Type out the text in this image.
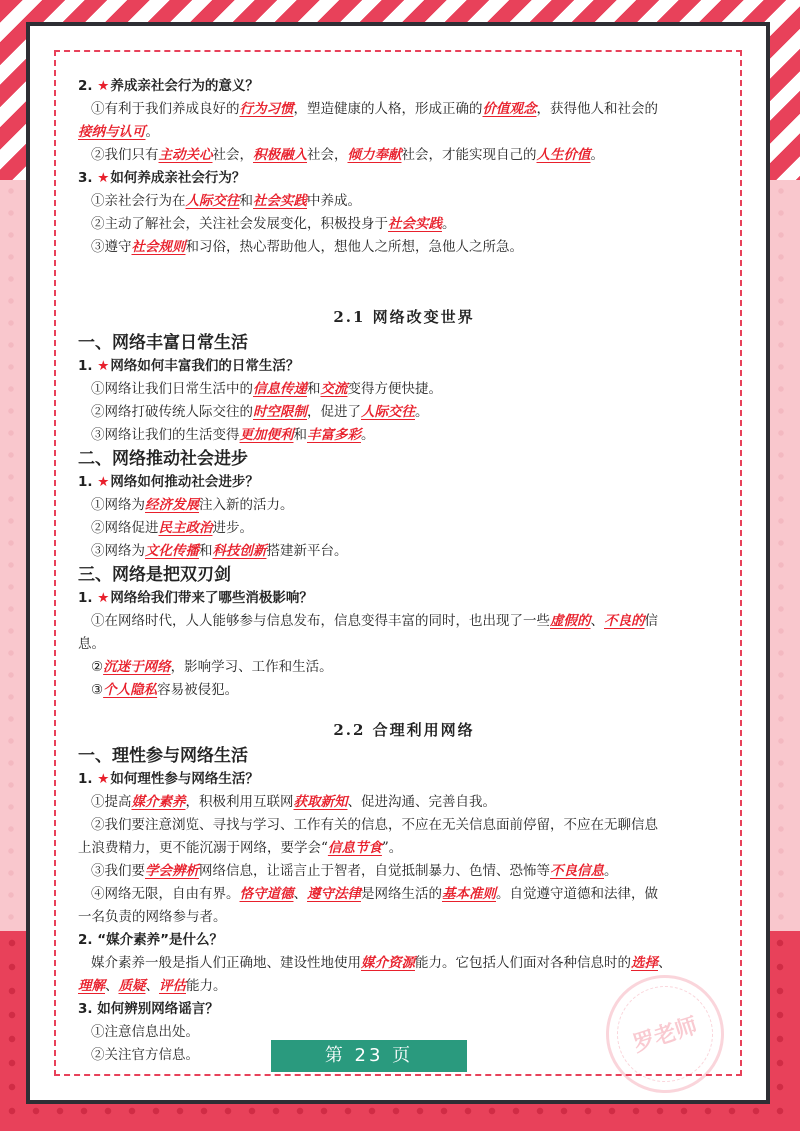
2. ★养成亲社会行为的意义？
①有利于我们养成良好的行为习惯，塑造健康的人格，形成正确的价值观念，获得他人和社会的
接纳与认可。
②我们只有主动关心社会，积极融入社会，倾力奉献社会，才能实现自己的人生价值。
3. ★如何养成亲社会行为？
①亲社会行为在人际交往和社会实践中养成。
②主动了解社会，关注社会发展变化，积极投身于社会实践。
③遵守社会规则和习俗，热心帮助他人，想他人之所想，急他人之所急。
2.1 网络改变世界
一、网络丰富日常生活
1. ★网络如何丰富我们的日常生活？
①网络让我们日常生活中的信息传递和交流变得方便快捷。
②网络打破传统人际交往的时空限制，促进了人际交往。
③网络让我们的生活变得更加便利和丰富多彩。
二、网络推动社会进步
1. ★网络如何推动社会进步？
①网络为经济发展注入新的活力。
②网络促进民主政治进步。
③网络为文化传播和科技创新搭建新平台。
三、网络是把双刃剑
1. ★网络给我们带来了哪些消极影响？
①在网络时代，人人能够参与信息发布，信息变得丰富的同时，也出现了一些虚假的、不良的信
息。
②沉迷于网络，影响学习、工作和生活。
③个人隐私容易被侵犯。
2.2 合理利用网络
一、理性参与网络生活
1. ★如何理性参与网络生活？
①提高媒介素养，积极利用互联网获取新知、促进沟通、完善自我。
②我们要注意浏览、寻找与学习、工作有关的信息，不应在无关信息面前停留，不应在无聊信息
上浪费精力，更不能沉溺于网络，要学会“信息节食”。
③我们要学会辨析网络信息，让谣言止于智者，自觉抵制暴力、色情、恐怖等不良信息。
④网络无限，自由有界。恪守道德、遵守法律是网络生活的基本准则。自觉遵守道德和法律，做
一名负责的网络参与者。
2. “媒介素养”是什么？
媒介素养一般是指人们正确地、建设性地使用媒介资源能力。它包括人们面对各种信息时的选择、
理解、质疑、评估能力。
3. 如何辨别网络谣言？
①注意信息出处。
②关注官方信息。	罗老师
第 23 页
